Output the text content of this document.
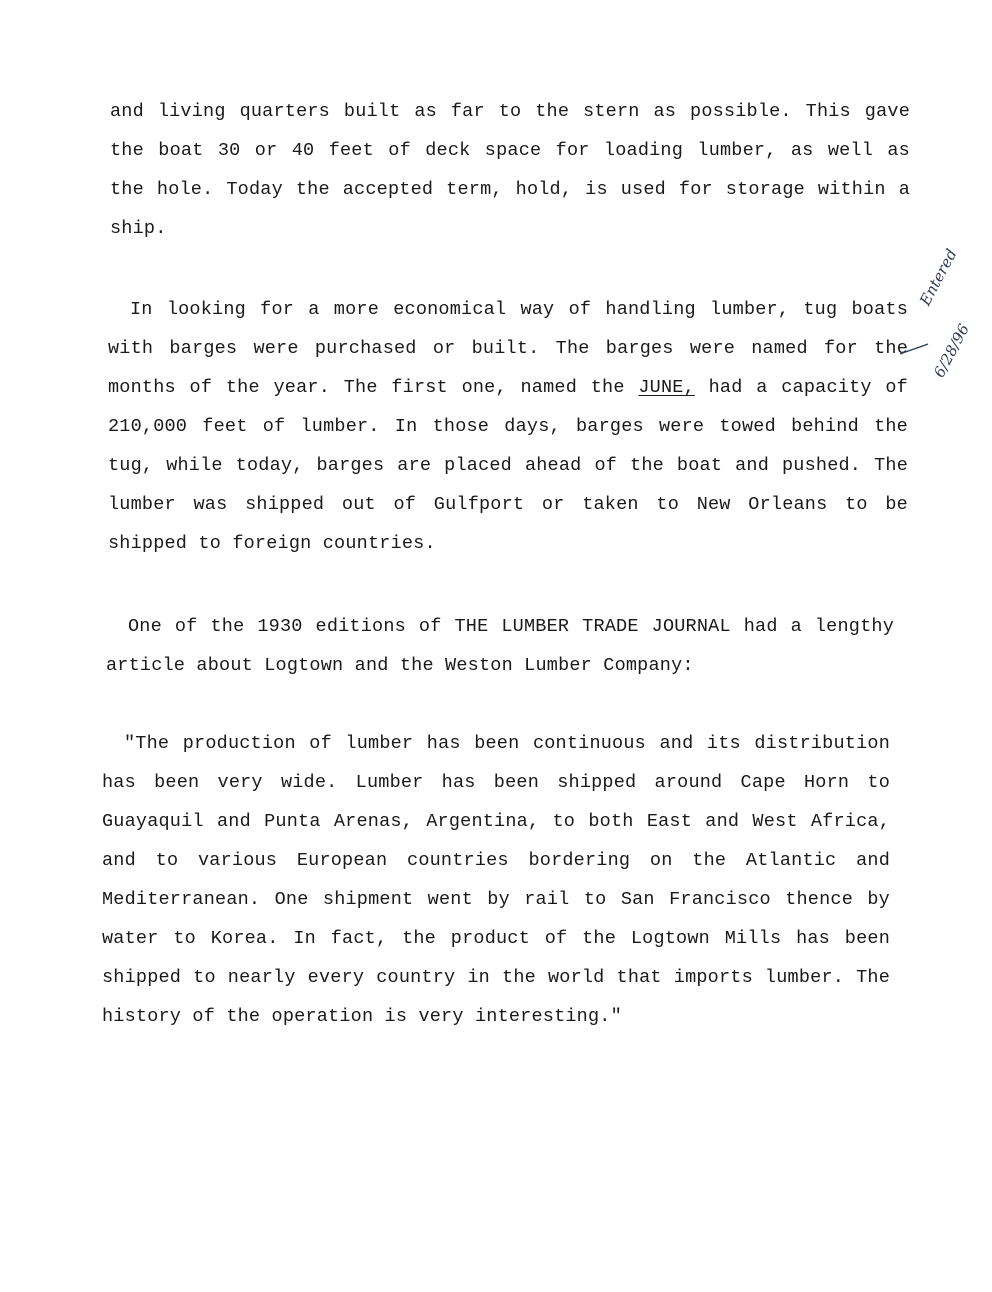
and living quarters built as far to the stern as possible. This gave the boat 30 or 40 feet of deck space for loading lumber, as well as the hole. Today the accepted term, hold, is used for storage within a ship.
In looking for a more economical way of handling lumber, tug boats with barges were purchased or built. The barges were named for the months of the year. The first one, named the JUNE, had a capacity of 210,000 feet of lumber. In those days, barges were towed behind the tug, while today, barges are placed ahead of the boat and pushed. The lumber was shipped out of Gulfport or taken to New Orleans to be shipped to foreign countries.
One of the 1930 editions of THE LUMBER TRADE JOURNAL had a lengthy article about Logtown and the Weston Lumber Company:
"The production of lumber has been continuous and its distribution has been very wide. Lumber has been shipped around Cape Horn to Guayaquil and Punta Arenas, Argentina, to both East and West Africa, and to various European countries bordering on the Atlantic and Mediterranean. One shipment went by rail to San Francisco thence by water to Korea. In fact, the product of the Logtown Mills has been shipped to nearly every country in the world that imports lumber. The history of the operation is very interesting."
Entered
6/28/96
